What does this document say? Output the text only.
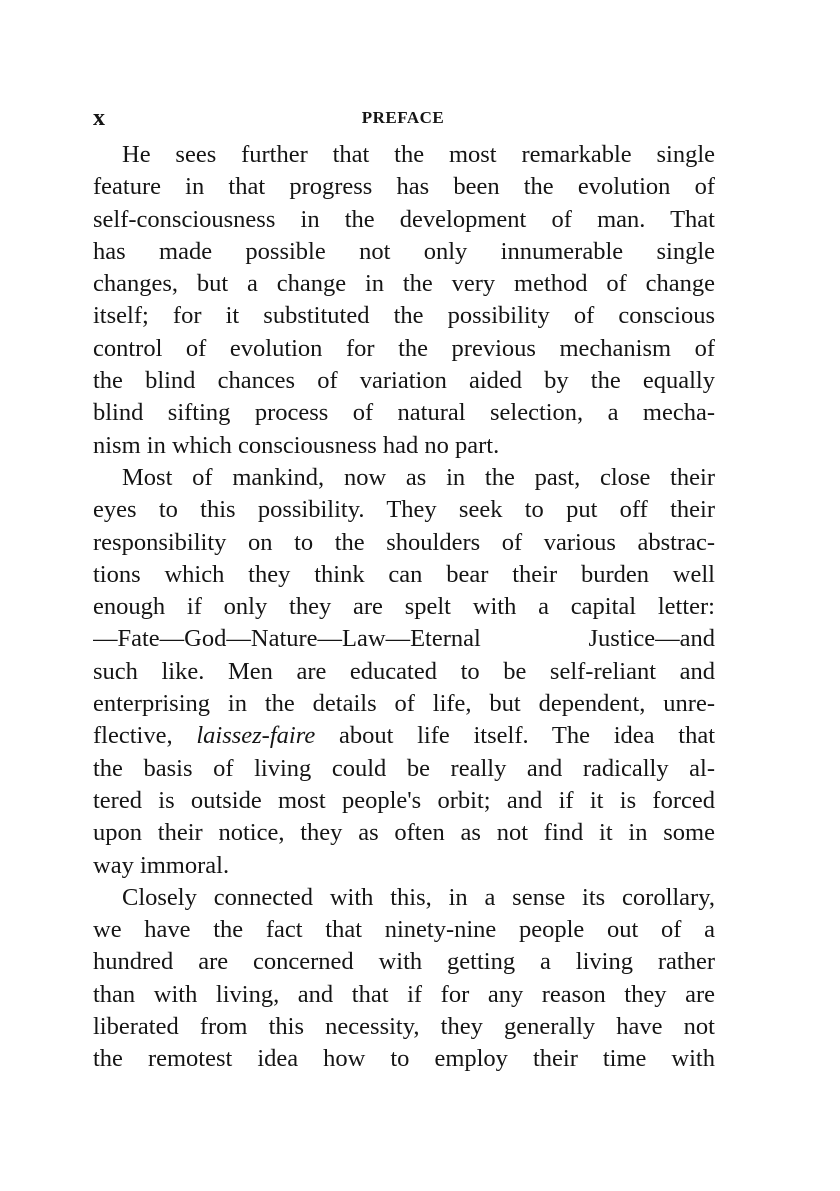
x	PREFACE
He sees further that the most remarkable single
feature in that progress has been the evolution of
self-consciousness in the development of man. That
has made possible not only innumerable single
changes, but a change in the very method of change
itself; for it substituted the possibility of conscious
control of evolution for the previous mechanism of
the blind chances of variation aided by the equally
blind sifting process of natural selection, a mecha-
nism in which consciousness had no part.
Most of mankind, now as in the past, close their
eyes to this possibility. They seek to put off their
responsibility on to the shoulders of various abstrac-
tions which they think can bear their burden well
enough if only they are spelt with a capital letter:
—Fate—God—Nature—Law—Eternal Justice—and
such like. Men are educated to be self-reliant and
enterprising in the details of life, but dependent, unre-
flective, laissez-faire about life itself. The idea that
the basis of living could be really and radically al-
tered is outside most people's orbit; and if it is forced
upon their notice, they as often as not find it in some
way immoral.
Closely connected with this, in a sense its corollary,
we have the fact that ninety-nine people out of a
hundred are concerned with getting a living rather
than with living, and that if for any reason they are
liberated from this necessity, they generally have not
the remotest idea how to employ their time with
